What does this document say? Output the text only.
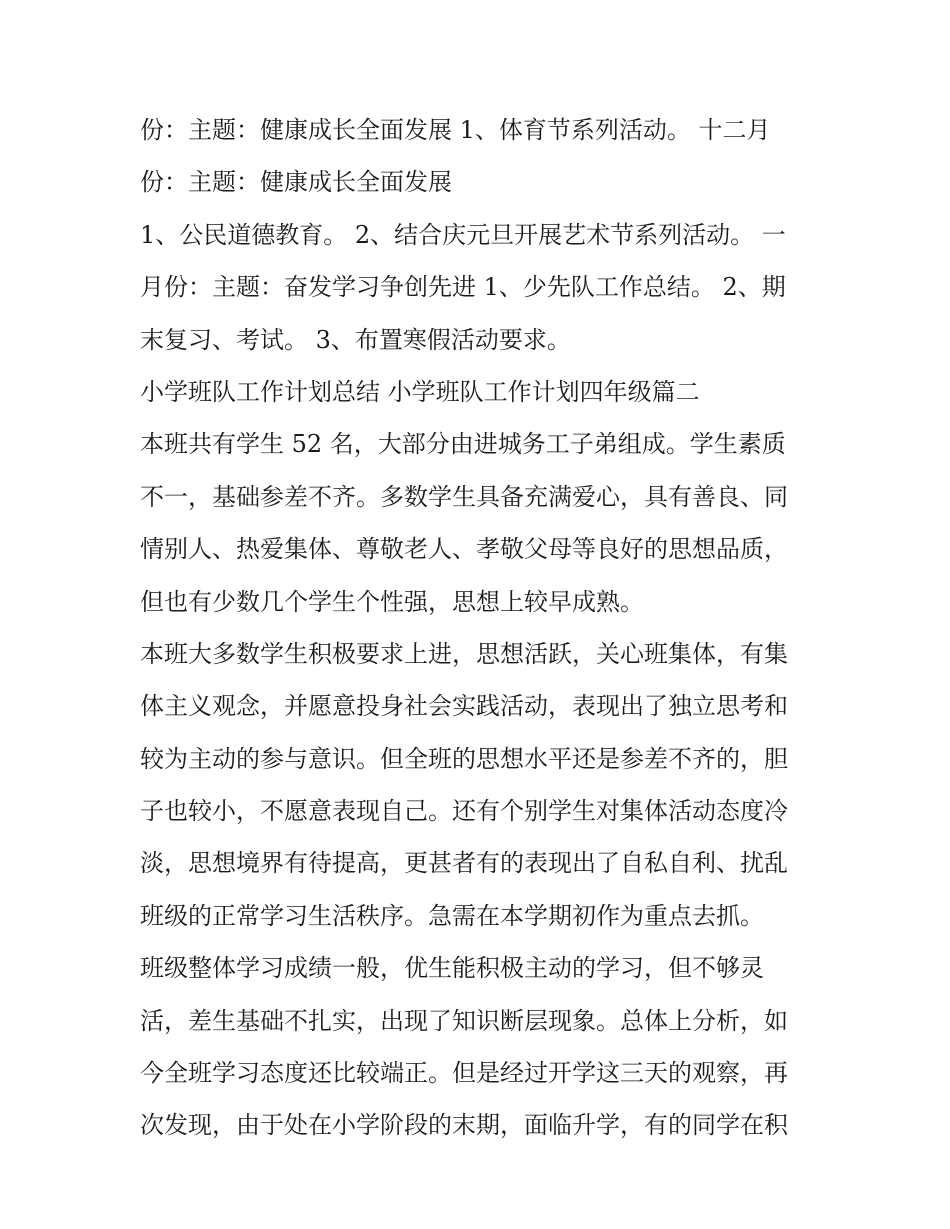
份：主题：健康成长全面发展 1、体育节系列活动。 十二月
份：主题：健康成长全面发展
1、公民道德教育。 2、结合庆元旦开展艺术节系列活动。 一
月份：主题：奋发学习争创先进 1、少先队工作总结。 2、期
末复习、考试。 3、布置寒假活动要求。
小学班队工作计划总结 小学班队工作计划四年级篇二
本班共有学生 52 名，大部分由进城务工子弟组成。学生素质
不一，基础参差不齐。多数学生具备充满爱心，具有善良、同
情别人、热爱集体、尊敬老人、孝敬父母等良好的思想品质，
但也有少数几个学生个性强，思想上较早成熟。
本班大多数学生积极要求上进，思想活跃，关心班集体，有集
体主义观念，并愿意投身社会实践活动，表现出了独立思考和
较为主动的参与意识。但全班的思想水平还是参差不齐的，胆
子也较小，不愿意表现自己。还有个别学生对集体活动态度冷
淡，思想境界有待提高，更甚者有的表现出了自私自利、扰乱
班级的正常学习生活秩序。急需在本学期初作为重点去抓。
班级整体学习成绩一般，优生能积极主动的学习，但不够灵
活，差生基础不扎实，出现了知识断层现象。总体上分析，如
今全班学习态度还比较端正。但是经过开学这三天的观察，再
次发现，由于处在小学阶段的末期，面临升学，有的同学在积
